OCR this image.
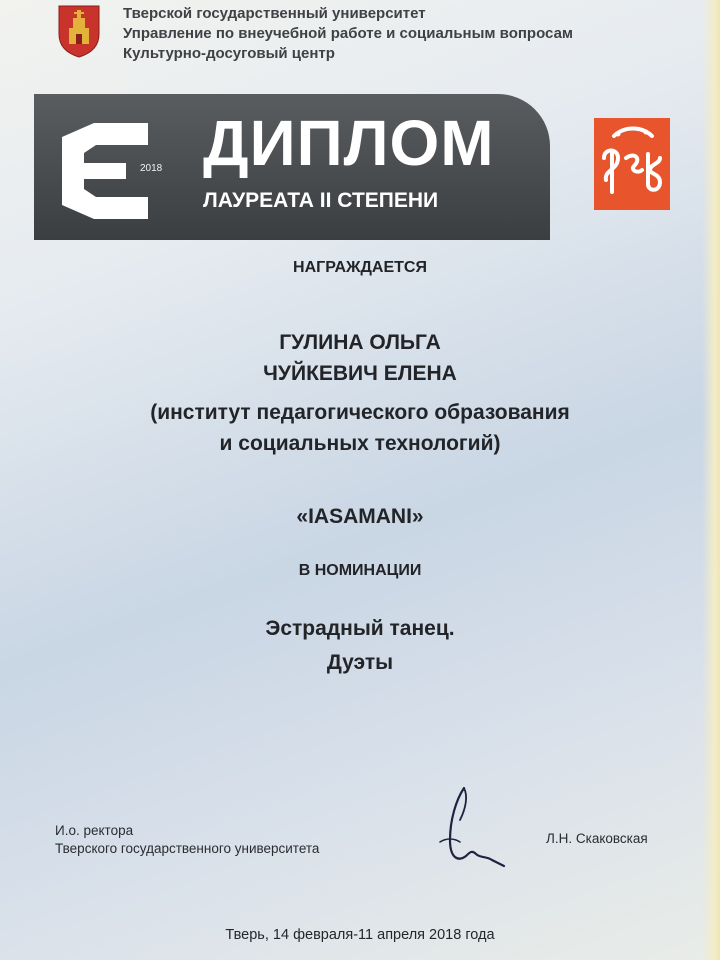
Тверской государственный университет
Управление по внеучебной работе и социальным вопросам
Культурно-досуговый центр
2018 ДИПЛОМ
ЛАУРЕАТА II СТЕПЕНИ
НАГРАЖДАЕТСЯ
ГУЛИНА ОЛЬГА
ЧУЙКЕВИЧ ЕЛЕНА
(институт педагогического образования
и социальных технологий)
«IASAMANI»
В НОМИНАЦИИ
Эстрадный танец.
Дуэты
И.о. ректора
Тверского государственного университета
Л.Н. Скаковская
Тверь, 14 февраля-11 апреля 2018 года
